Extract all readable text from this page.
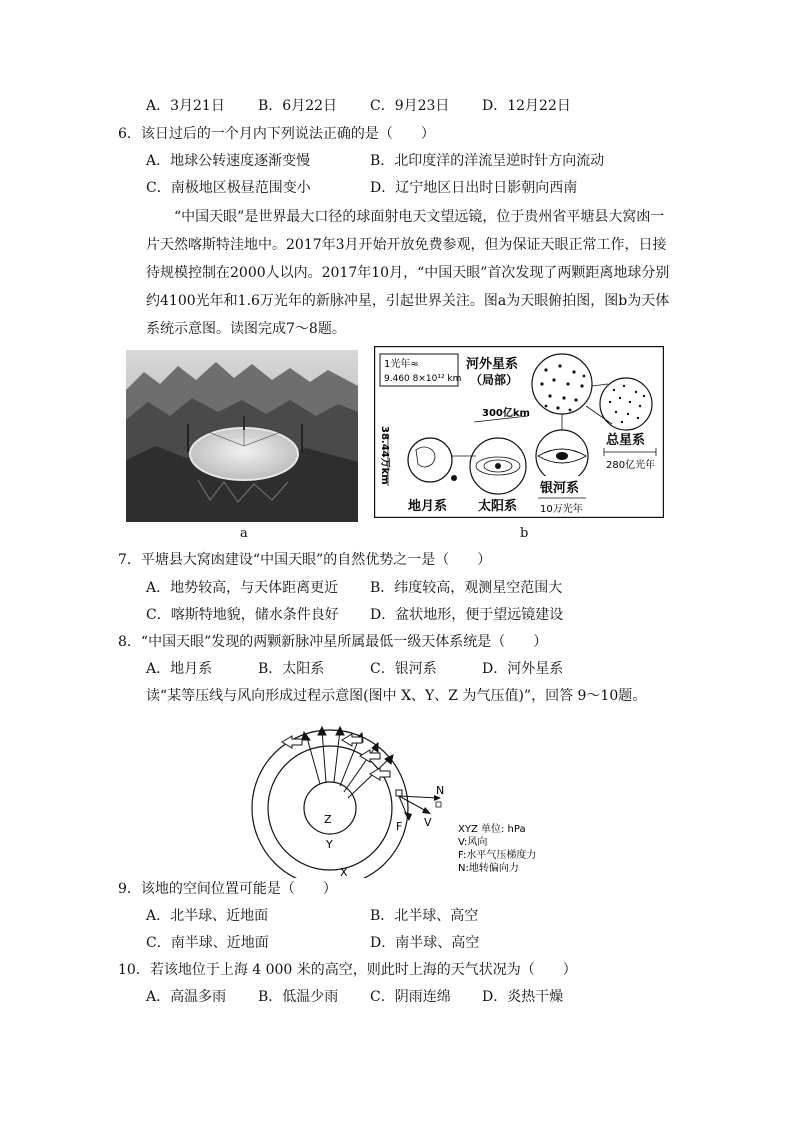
A．3月21日 B．6月22日 C．9月23日 D．12月22日
6．该日过后的一个月内下列说法正确的是（　　）
A．地球公转速度逐渐变慢	B．北印度洋的洋流呈逆时针方向流动
C．南极地区极昼范围变小	D．辽宁地区日出时日影朝向西南
“中国天眼”是世界最大口径的球面射电天文望远镜，位于贵州省平塘县大窝凼一片天然喀斯特洼地中。2017年3月开始开放免费参观，但为保证天眼正常工作，日接待规模控制在2000人以内。2017年10月，“中国天眼”首次发现了两颗距离地球分别约4100光年和1.6万光年的新脉冲星，引起世界关注。图a为天眼俯拍图，图b为天体系统示意图。读图完成7～8题。
a
1光年≈
9.460 8×10¹² km
河外星系
（局部）
总星系
280亿光年
银河系
10万光年
300亿km
太阳系
38.44万km
地月系
b
7．平塘县大窝凼建设“中国天眼”的自然优势之一是（　　）
A．地势较高，与天体距离更近 B．纬度较高，观测星空范围大
C．喀斯特地貌，储水条件良好 D．盆状地形，便于望远镜建设
8．“中国天眼”发现的两颗新脉冲星所属最低一级天体系统是（　　）
A．地月系	B．太阳系	C．银河系	D．河外星系
读“某等压线与风向形成过程示意图(图中 X、Y、Z 为气压值)”，回答 9～10题。
Z
Y
X
F V
N
XYZ 单位: hPa
V:风向
F:水平气压梯度力
N:地转偏向力
9．该地的空间位置可能是（　　）
A．北半球、近地面	B．北半球、高空
C．南半球、近地面	D．南半球、高空
10．若该地位于上海 4 000 米的高空，则此时上海的天气状况为（　　）
A．高温多雨 B．低温少雨 C．阴雨连绵 D．炎热干燥
